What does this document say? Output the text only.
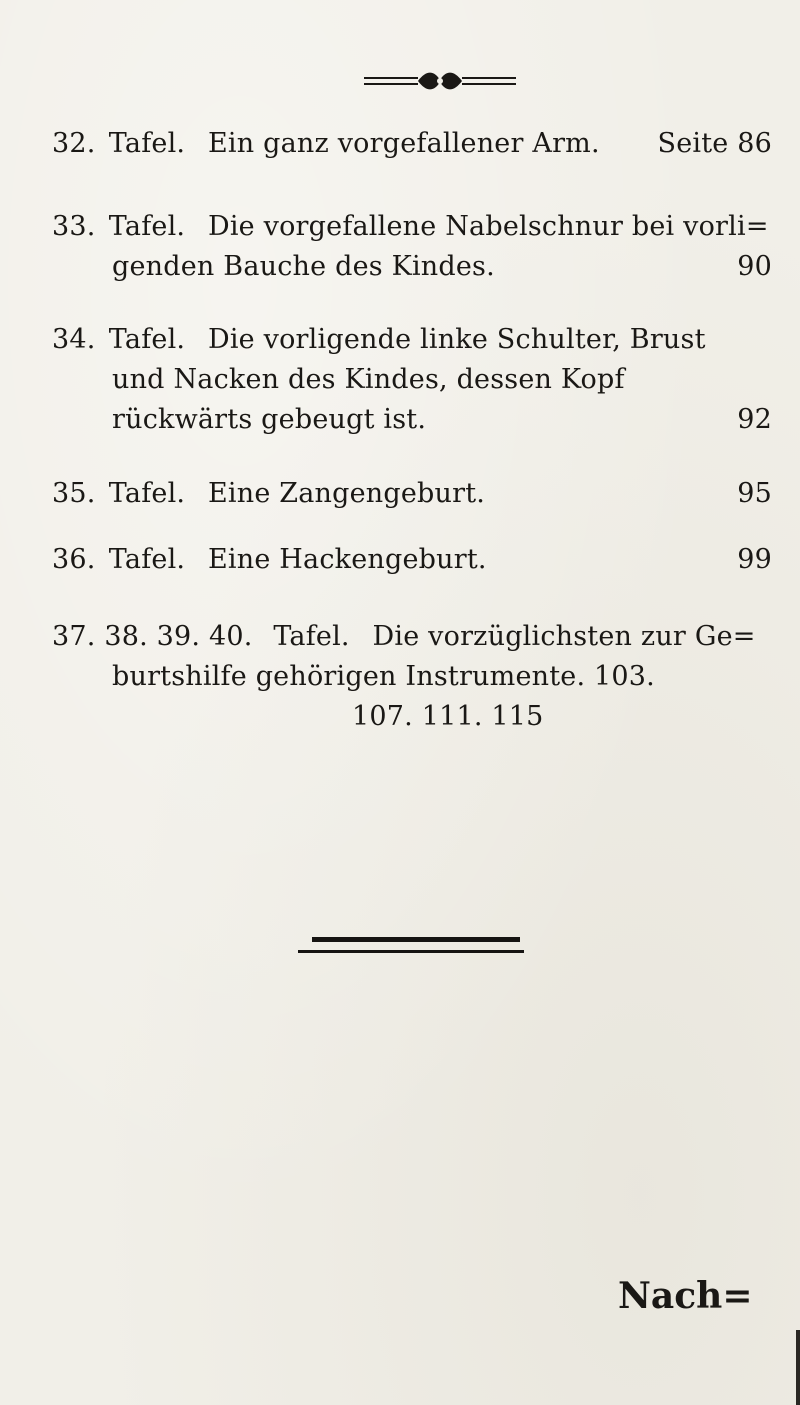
32. Tafel. Ein ganz vorgefallener Arm. Seite 86
33. Tafel. Die vorgefallene Nabelschnur bei vorli=
genden Bauche des Kindes.	90
34. Tafel. Die vorligende linke Schulter, Brust
und Nacken des Kindes, dessen Kopf
rückwärts gebeugt ist.	92
35. Tafel. Eine Zangengeburt.	95
36. Tafel. Eine Hackengeburt.	99
37. 38. 39. 40. Tafel. Die vorzüglichsten zur Ge=
burtshilfe gehörigen Instrumente. 103.
107. 111. 115
Nach=
